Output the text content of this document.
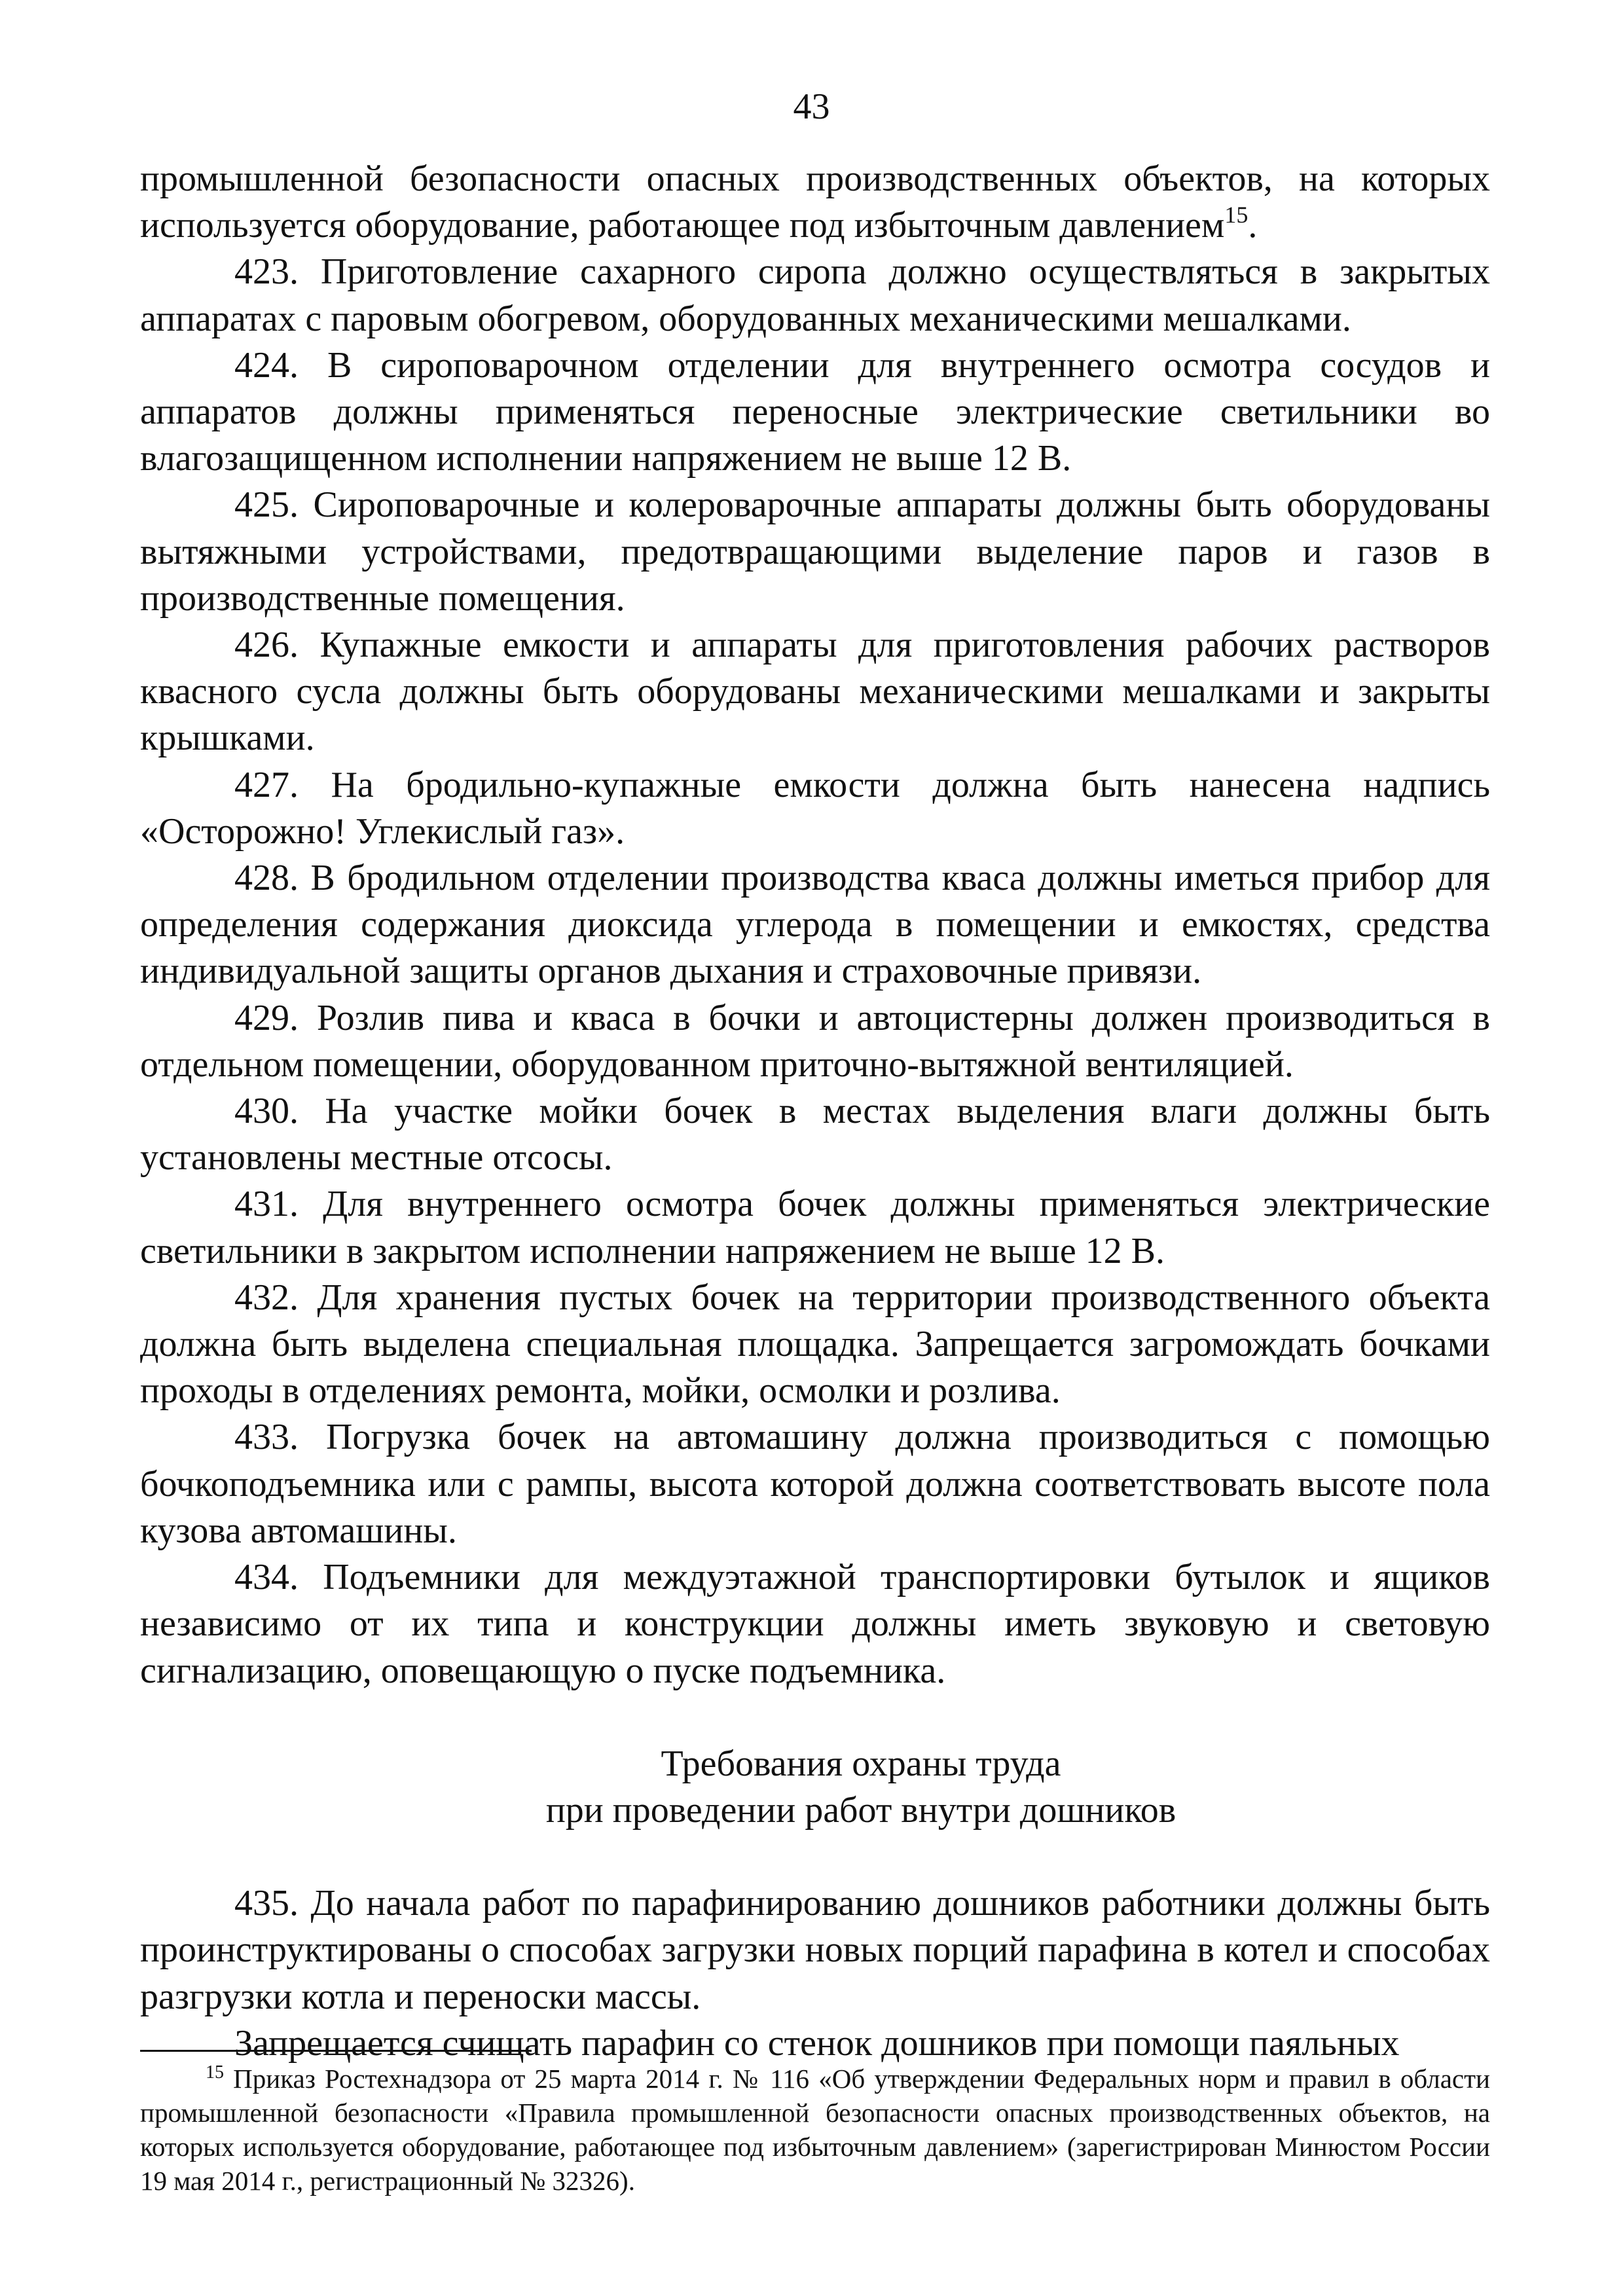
43

промышленной безопасности опасных производственных объектов, на которых используется оборудование, работающее под избыточным давлением$^{15}$.

423. Приготовление сахарного сиропа должно осуществляться в закрытых аппаратах с паровым обогревом, оборудованных механическими мешалками.

424. В сироповарочном отделении для внутреннего осмотра сосудов и аппаратов должны применяться переносные электрические светильники во влагозащищенном исполнении напряжением не выше 12 В.

425. Сироповарочные и колероварочные аппараты должны быть оборудованы вытяжными устройствами, предотвращающими выделение паров и газов в производственные помещения.

426. Купажные емкости и аппараты для приготовления рабочих растворов квасного сусла должны быть оборудованы механическими мешалками и закрыты крышками.

427. На бродильно-купажные емкости должна быть нанесена надпись «Осторожно! Углекислый газ».

428. В бродильном отделении производства кваса должны иметься прибор для определения содержания диоксида углерода в помещении и емкостях, средства индивидуальной защиты органов дыхания и страховочные привязи.

429. Розлив пива и кваса в бочки и автоцистерны должен производиться в отдельном помещении, оборудованном приточно-вытяжной вентиляцией.

430. На участке мойки бочек в местах выделения влаги должны быть установлены местные отсосы.

431. Для внутреннего осмотра бочек должны применяться электрические светильники в закрытом исполнении напряжением не выше 12 В.

432. Для хранения пустых бочек на территории производственного объекта должна быть выделена специальная площадка. Запрещается загромождать бочками проходы в отделениях ремонта, мойки, осмолки и розлива.

433. Погрузка бочек на автомашину должна производиться с помощью бочкоподъемника или с рампы, высота которой должна соответствовать высоте пола кузова автомашины.

434. Подъемники для междуэтажной транспортировки бутылок и ящиков независимо от их типа и конструкции должны иметь звуковую и световую сигнализацию, оповещающую о пуске подъемника.

Требования охраны труда
при проведении работ внутри дошников

435. До начала работ по парафинированию дошников работники должны быть проинструктированы о способах загрузки новых порций парафина в котел и способах разгрузки котла и переноски массы.

Запрещается счищать парафин со стенок дошников при помощи паяльных

$^{15}$ Приказ Ростехнадзора от 25 марта 2014 г. № 116 «Об утверждении Федеральных норм и правил в области промышленной безопасности «Правила промышленной безопасности опасных производственных объектов, на которых используется оборудование, работающее под избыточным давлением» (зарегистрирован Минюстом России 19 мая 2014 г., регистрационный № 32326).
